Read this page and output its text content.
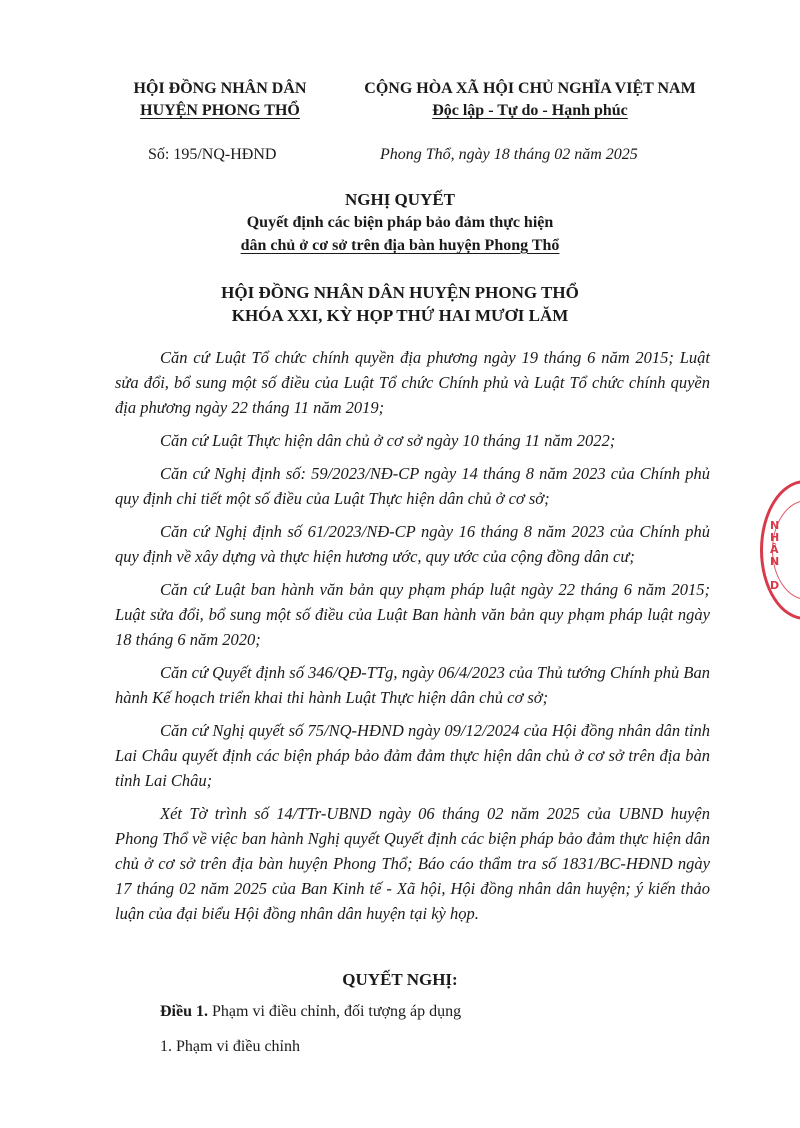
HỘI ĐỒNG NHÂN DÂN
HUYỆN PHONG THỔ
CỘNG HÒA XÃ HỘI CHỦ NGHĨA VIỆT NAM
Độc lập - Tự do - Hạnh phúc
Số: 195/NQ-HĐND	Phong Thổ, ngày 18 tháng 02 năm 2025
NGHỊ QUYẾT
Quyết định các biện pháp bảo đảm thực hiện
dân chủ ở cơ sở trên địa bàn huyện Phong Thổ
HỘI ĐỒNG NHÂN DÂN HUYỆN PHONG THỔ
KHÓA XXI, KỲ HỌP THỨ HAI MƯƠI LĂM

Căn cứ Luật Tổ chức chính quyền địa phương ngày 19 tháng 6 năm 2015; Luật sửa đổi, bổ sung một số điều của Luật Tổ chức Chính phủ và Luật Tổ chức chính quyền địa phương ngày 22 tháng 11 năm 2019;

Căn cứ Luật Thực hiện dân chủ ở cơ sở ngày 10 tháng 11 năm 2022;

Căn cứ Nghị định số: 59/2023/NĐ-CP ngày 14 tháng 8 năm 2023 của Chính phủ quy định chi tiết một số điều của Luật Thực hiện dân chủ ở cơ sở;

Căn cứ Nghị định số 61/2023/NĐ-CP ngày 16 tháng 8 năm 2023 của Chính phủ quy định về xây dựng và thực hiện hương ước, quy ước của cộng đồng dân cư;

Căn cứ Luật ban hành văn bản quy phạm pháp luật ngày 22 tháng 6 năm 2015; Luật sửa đổi, bổ sung một số điều của Luật Ban hành văn bản quy phạm pháp luật ngày 18 tháng 6 năm 2020;

Căn cứ Quyết định số 346/QĐ-TTg, ngày 06/4/2023 của Thủ tướng Chính phủ Ban hành Kế hoạch triển khai thi hành Luật Thực hiện dân chủ cơ sở;

Căn cứ Nghị quyết số 75/NQ-HĐND ngày 09/12/2024 của Hội đồng nhân dân tỉnh Lai Châu quyết định các biện pháp bảo đảm đảm thực hiện dân chủ ở cơ sở trên địa bàn tỉnh Lai Châu;

Xét Tờ trình số 14/TTr-UBND ngày 06 tháng 02 năm 2025 của UBND huyện Phong Thổ về việc ban hành Nghị quyết Quyết định các biện pháp bảo đảm thực hiện dân chủ ở cơ sở trên địa bàn huyện Phong Thổ; Báo cáo thẩm tra số 1831/BC-HĐND ngày 17 tháng 02 năm 2025 của Ban Kinh tế - Xã hội, Hội đồng nhân dân huyện; ý kiến thảo luận của đại biểu Hội đồng nhân dân huyện tại kỳ họp.

QUYẾT NGHỊ:
Điều 1. Phạm vi điều chỉnh, đối tượng áp dụng
1. Phạm vi điều chỉnh
N
H
Â
N

D
